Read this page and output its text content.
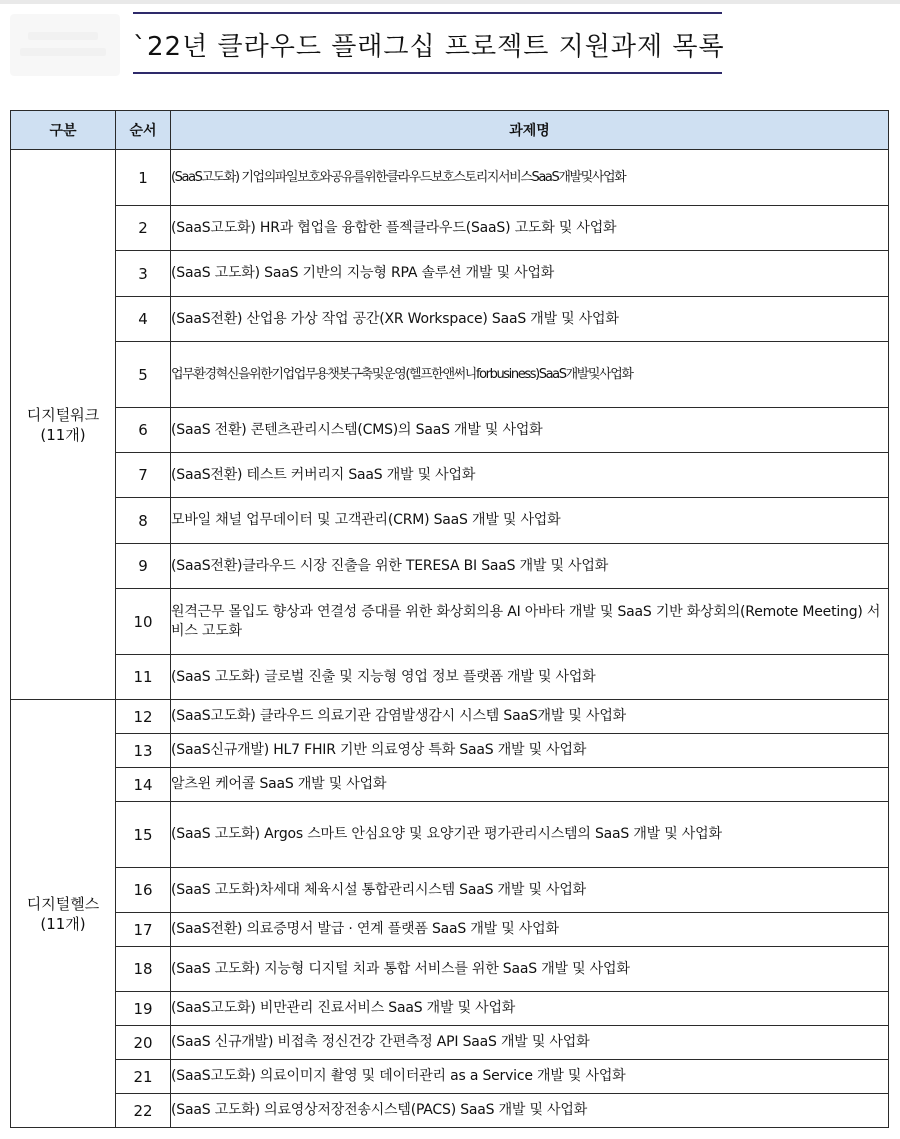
`22년 클라우드 플래그십 프로젝트 지원과제 목록
구분	순서	과제명

디지털워크
(11개)	1	(SaaS고도화) 기업의파일보호와공유를위한클라우드보호스토리지서비스SaaS개발및사업화
	2	(SaaS고도화) HR과 협업을 융합한 플젝클라우드(SaaS) 고도화 및 사업화
	3	(SaaS 고도화) SaaS 기반의 지능형 RPA 솔루션 개발 및 사업화
	4	(SaaS전환) 산업용 가상 작업 공간(XR Workspace) SaaS 개발 및 사업화
	5	업무환경혁신을위한기업업무용챗봇구축및운영(헬프한앤써니forbusiness)SaaS개발및사업화
	6	(SaaS 전환) 콘텐츠관리시스템(CMS)의 SaaS 개발 및 사업화
	7	(SaaS전환) 테스트 커버리지 SaaS 개발 및 사업화
	8	모바일 채널 업무데이터 및 고객관리(CRM) SaaS 개발 및 사업화
	9	(SaaS전환)클라우드 시장 진출을 위한 TERESA BI SaaS 개발 및 사업화
	10	원격근무 몰입도 향상과 연결성 증대를 위한 화상회의용 AI 아바타 개발 및 SaaS 기반 화상회의(Remote Meeting) 서비스 고도화
	11	(SaaS 고도화) 글로벌 진출 및 지능형 영업 정보 플랫폼 개발 및 사업화

디지털헬스
(11개)	12	(SaaS고도화) 클라우드 의료기관 감염발생감시 시스템 SaaS개발 및 사업화
	13	(SaaS신규개발) HL7 FHIR 기반 의료영상 특화 SaaS 개발 및 사업화
	14	알츠윈 케어콜 SaaS 개발 및 사업화
	15	(SaaS 고도화) Argos 스마트 안심요양 및 요양기관 평가관리시스템의 SaaS 개발 및 사업화
	16	(SaaS 고도화)차세대 체육시설 통합관리시스템 SaaS 개발 및 사업화
	17	(SaaS전환) 의료증명서 발급 · 연계 플랫폼 SaaS 개발 및 사업화
	18	(SaaS 고도화) 지능형 디지털 치과 통합 서비스를 위한 SaaS 개발 및 사업화
	19	(SaaS고도화) 비만관리 진료서비스 SaaS 개발 및 사업화
	20	(SaaS 신규개발) 비접촉 정신건강 간편측정 API SaaS 개발 및 사업화
	21	(SaaS고도화) 의료이미지 촬영 및 데이터관리 as a Service 개발 및 사업화
	22	(SaaS 고도화) 의료영상저장전송시스템(PACS) SaaS 개발 및 사업화
